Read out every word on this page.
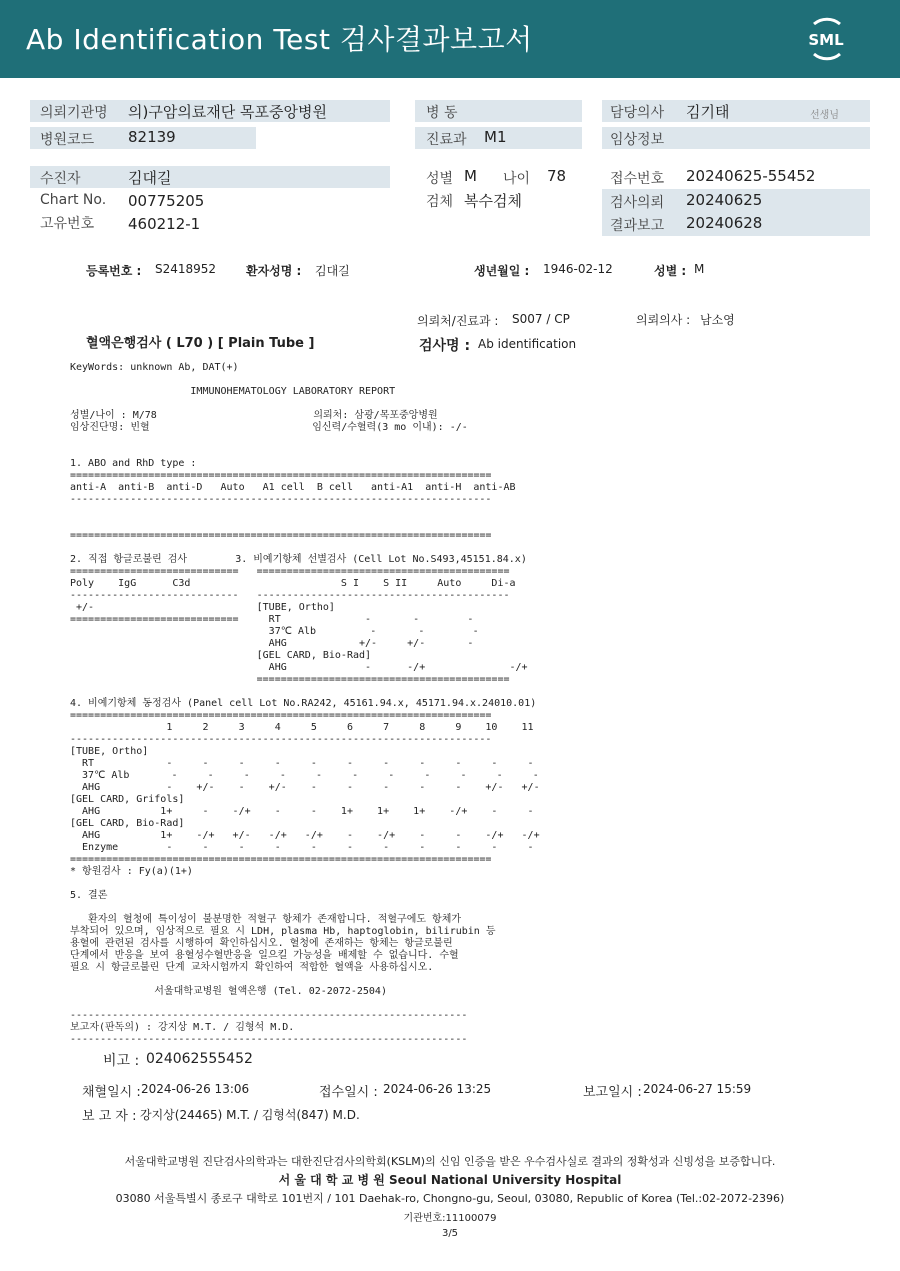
Ab Identification Test 검사결과보고서	SML
의뢰기관명 의)구암의료재단 목포중앙병원
병원코드 82139
병 동
진료과 M1
담당의사 김기태	선생님
임상정보
수진자	김대길
Chart No. 00775205
고유번호 460212-1
성별 M 나이 78
검체 복수검체
접수번호 20240625-55452
검사의뢰 20240625
결과보고 20240628
등록번호 : S2418952 환자성명 : 김대길	생년월일 : 1946-02-12	성별 : M
의뢰처/진료과 : S007 / CP	의뢰의사 : 남소영
혈액은행검사 ( L70 ) [ Plain Tube ]	검사명 : Ab identification
KeyWords: unknown Ab, DAT(+)

IMMUNOHEMATOLOGY LABORATORY REPORT

성별/나이 : M/78                          의뢰처: 삼광/목포중앙병원
임상진단명: 빈혈                           임신력/수혈력(3 mo 이내): -/-

1. ABO and RhD type :
======================================================================
anti-A  anti-B  anti-D   Auto   A1 cell  B cell   anti-A1  anti-H  anti-AB
----------------------------------------------------------------------

======================================================================

2. 직접 항글로불린 검사        3. 비예기항체 선별검사 (Cell Lot No.S493,45151.84.x)
============================   ==========================================
Poly    IgG      C3d                         S I    S II     Auto     Di-a
----------------------------   ------------------------------------------
+/-                           [TUBE, Ortho]
============================     RT              -       -        -
37℃ Alb         -       -        -
AHG            +/-     +/-       -
[GEL CARD, Bio-Rad]
AHG             -      -/+              -/+
==========================================

4. 비예기항체 동정검사 (Panel cell Lot No.RA242, 45161.94.x, 45171.94.x.24010.01)
======================================================================
1     2     3     4     5     6     7     8     9    10    11
----------------------------------------------------------------------
[TUBE, Ortho]
RT            -     -     -     -     -     -     -     -     -     -     -
37℃ Alb       -     -     -     -     -     -     -     -     -     -     -
AHG           -    +/-    -    +/-    -     -     -     -     -    +/-   +/-
[GEL CARD, Grifols]
AHG          1+     -    -/+    -     -    1+    1+    1+    -/+    -     -
[GEL CARD, Bio-Rad]
AHG          1+    -/+   +/-   -/+   -/+    -    -/+    -     -    -/+   -/+
Enzyme        -     -     -     -     -     -     -     -     -     -     -
======================================================================
* 항원검사 : Fy(a)(1+)

5. 결론

환자의 혈청에 특이성이 불분명한 적혈구 항체가 존재합니다. 적혈구에도 항체가
부착되어 있으며, 임상적으로 필요 시 LDH, plasma Hb, haptoglobin, bilirubin 등
용혈에 관련된 검사를 시행하여 확인하십시오. 혈청에 존재하는 항체는 항글로불린
단계에서 반응을 보여 용혈성수혈반응을 일으킬 가능성을 배제할 수 없습니다. 수혈
필요 시 항글로불린 단계 교차시험까지 확인하여 적합한 혈액을 사용하십시오.

서울대학교병원 혈액은행 (Tel. 02-2072-2504)

------------------------------------------------------------------
보고자(판독의) : 강지상 M.T. / 김형석 M.D.
------------------------------------------------------------------
비고 : 024062555452
채혈일시 : 2024-06-26 13:06	접수일시 : 2024-06-26 13:25	보고일시 : 2024-06-27 15:59
보 고 자 : 강지상(24465) M.T. / 김형석(847) M.D.
서울대학교병원 진단검사의학과는 대한진단검사의학회(KSLM)의 신임 인증을 받은 우수검사실로 결과의 정확성과 신빙성을 보증합니다.
서 울 대 학 교 병 원 Seoul National University Hospital
03080 서울특별시 종로구 대학로 101번지 / 101 Daehak-ro, Chongno-gu, Seoul, 03080, Republic of Korea (Tel.:02-2072-2396)
기관번호:11100079
3/5
